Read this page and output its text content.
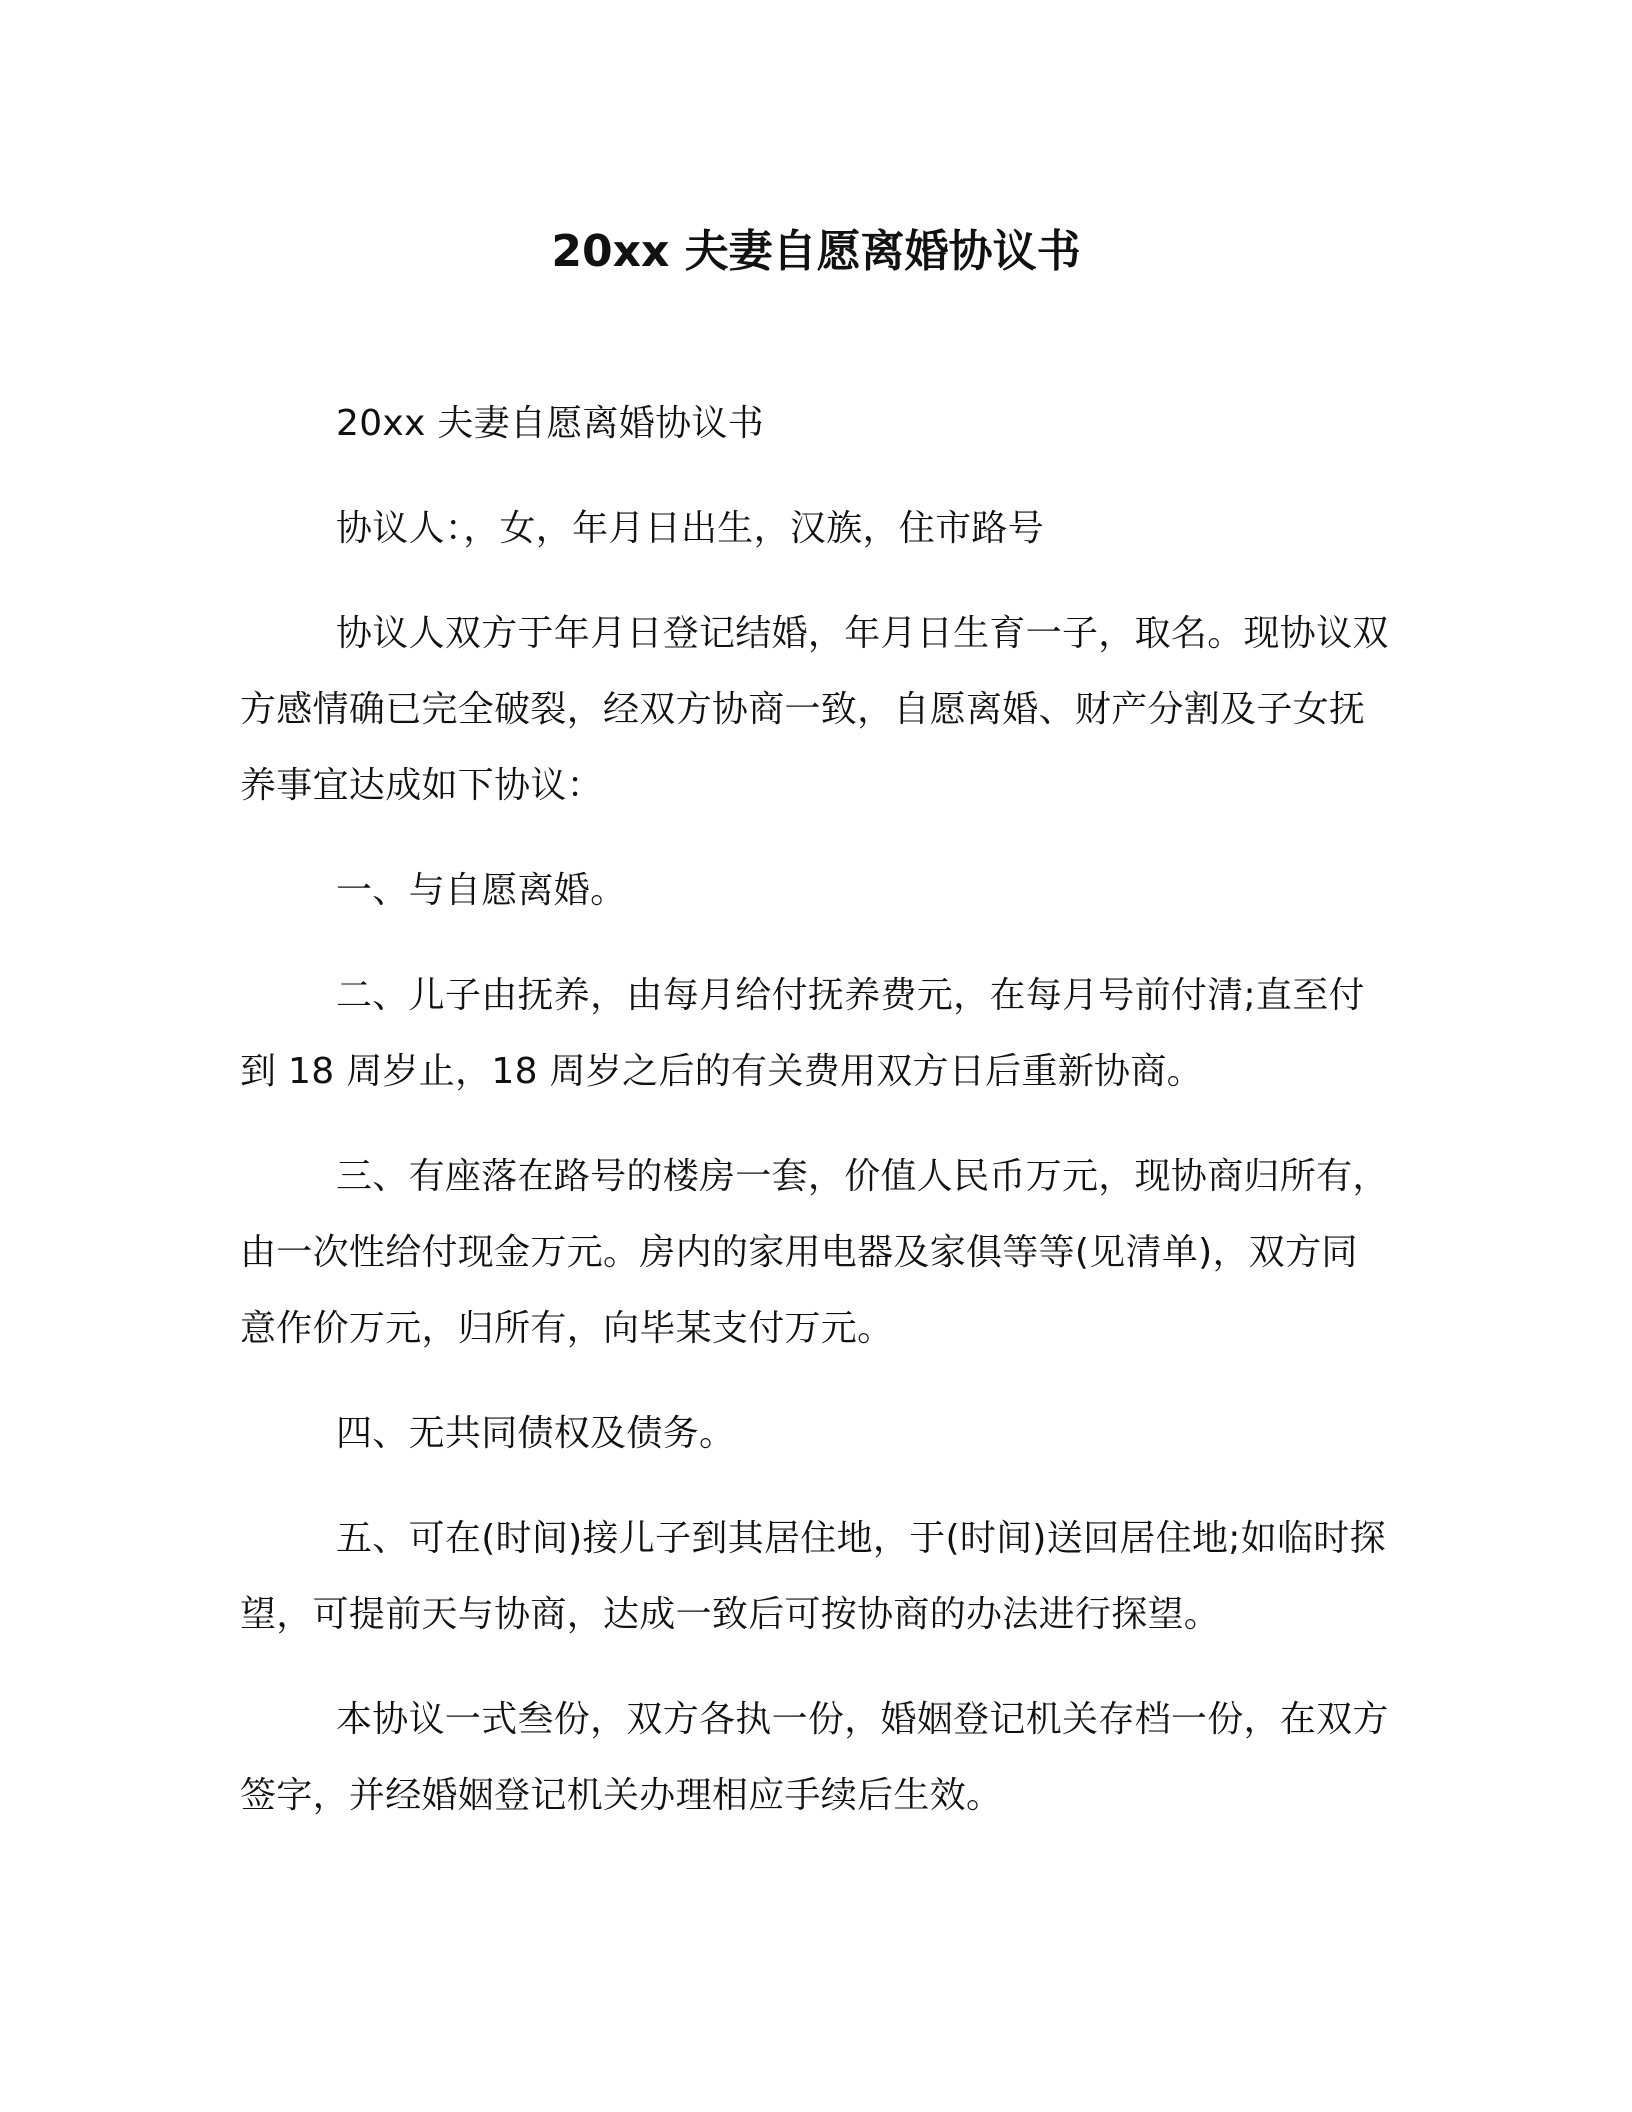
20xx 夫妻自愿离婚协议书

20xx 夫妻自愿离婚协议书

协议人：，女，年月日出生，汉族，住市路号

协议人双方于年月日登记结婚，年月日生育一子，取名。现协议双方感情确已完全破裂，经双方协商一致，自愿离婚、财产分割及子女抚养事宜达成如下协议：

一、与自愿离婚。

二、儿子由抚养，由每月给付抚养费元，在每月号前付清;直至付到 18 周岁止，18 周岁之后的有关费用双方日后重新协商。

三、有座落在路号的楼房一套，价值人民币万元，现协商归所有，由一次性给付现金万元。房内的家用电器及家俱等等(见清单)，双方同意作价万元，归所有，向毕某支付万元。

四、无共同债权及债务。

五、可在(时间)接儿子到其居住地，于(时间)送回居住地;如临时探望，可提前天与协商，达成一致后可按协商的办法进行探望。

本协议一式叁份，双方各执一份，婚姻登记机关存档一份，在双方签字，并经婚姻登记机关办理相应手续后生效。
